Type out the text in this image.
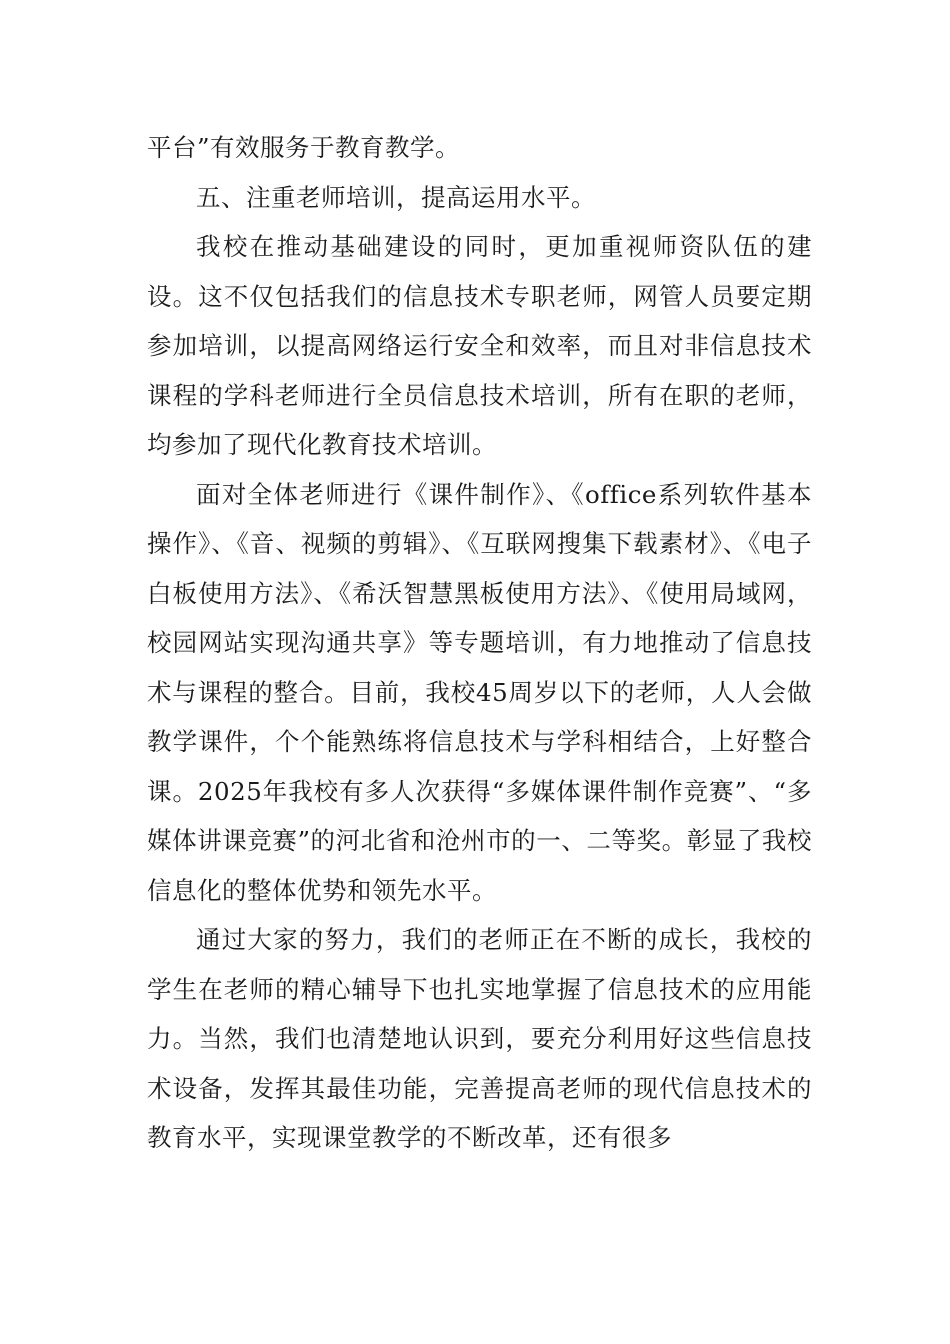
平台”有效服务于教育教学。

五、注重老师培训，提高运用水平。

我校在推动基础建设的同时，更加重视师资队伍的建设。这不仅包括我们的信息技术专职老师，网管人员要定期参加培训，以提高网络运行安全和效率，而且对非信息技术课程的学科老师进行全员信息技术培训，所有在职的老师，均参加了现代化教育技术培训。

面对全体老师进行《课件制作》、《office系列软件基本操作》、《音、视频的剪辑》、《互联网搜集下载素材》、《电子白板使用方法》、《希沃智慧黑板使用方法》、《使用局域网，校园网站实现沟通共享》等专题培训，有力地推动了信息技术与课程的整合。目前，我校45周岁以下的老师，人人会做教学课件，个个能熟练将信息技术与学科相结合，上好整合课。2025年我校有多人次获得“多媒体课件制作竞赛”、“多媒体讲课竞赛”的河北省和沧州市的一、二等奖。彰显了我校信息化的整体优势和领先水平。

通过大家的努力，我们的老师正在不断的成长，我校的学生在老师的精心辅导下也扎实地掌握了信息技术的应用能力。当然，我们也清楚地认识到，要充分利用好这些信息技术设备，发挥其最佳功能，完善提高老师的现代信息技术的教育水平，实现课堂教学的不断改革，还有很多
